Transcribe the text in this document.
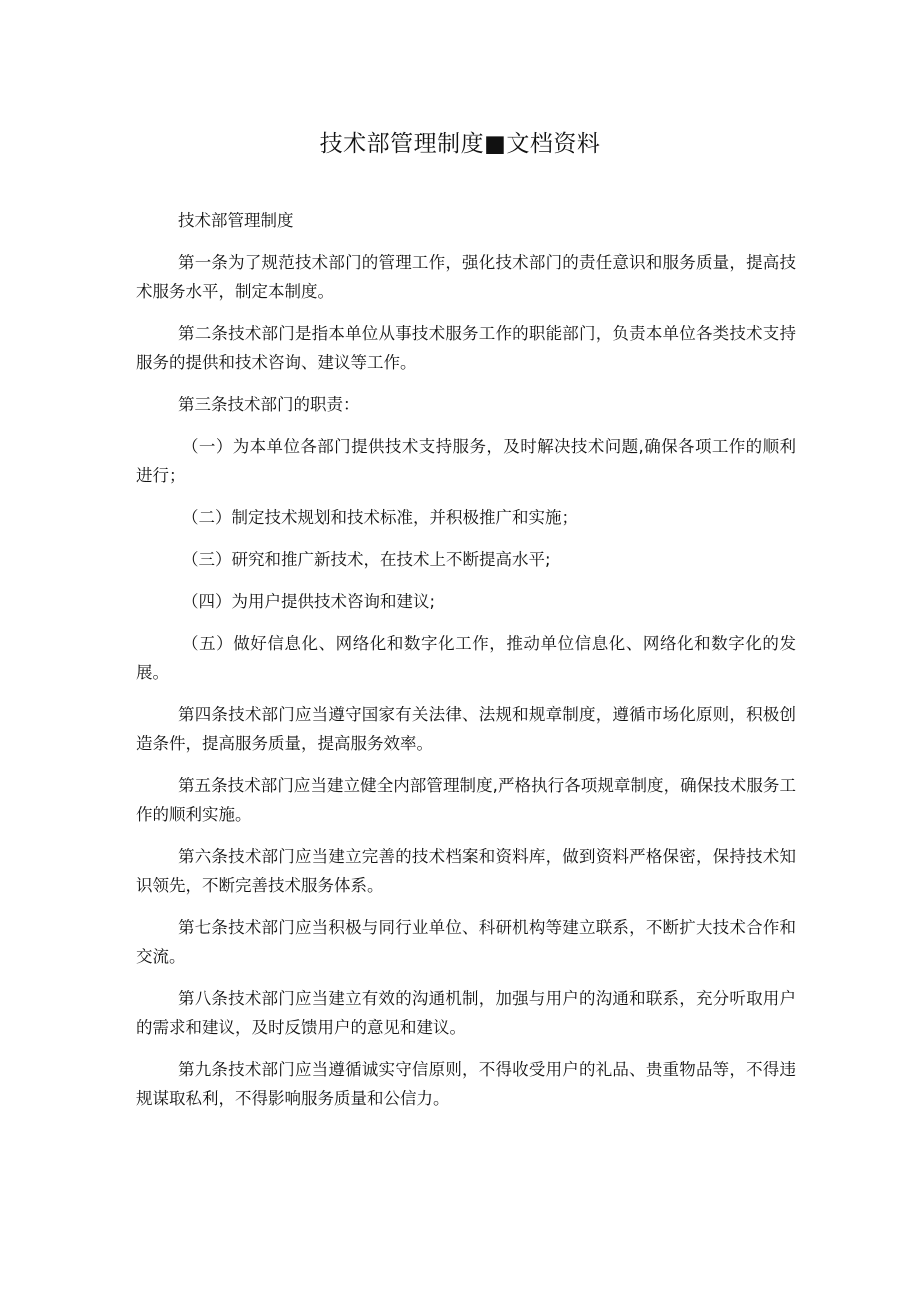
技术部管理制度■文档资料

技术部管理制度

第一条为了规范技术部门的管理工作，强化技术部门的责任意识和服务质量，提高技术服务水平，制定本制度。

第二条技术部门是指本单位从事技术服务工作的职能部门，负责本单位各类技术支持服务的提供和技术咨询、建议等工作。

第三条技术部门的职责：

（一）为本单位各部门提供技术支持服务，及时解决技术问题,确保各项工作的顺利进行；

（二）制定技术规划和技术标准，并积极推广和实施；

（三）研究和推广新技术，在技术上不断提高水平;

（四）为用户提供技术咨询和建议;

（五）做好信息化、网络化和数字化工作，推动单位信息化、网络化和数字化的发展。

第四条技术部门应当遵守国家有关法律、法规和规章制度，遵循市场化原则，积极创造条件，提高服务质量，提高服务效率。

第五条技术部门应当建立健全内部管理制度,严格执行各项规章制度，确保技术服务工作的顺利实施。

第六条技术部门应当建立完善的技术档案和资料库，做到资料严格保密，保持技术知识领先，不断完善技术服务体系。

第七条技术部门应当积极与同行业单位、科研机构等建立联系，不断扩大技术合作和交流。

第八条技术部门应当建立有效的沟通机制，加强与用户的沟通和联系，充分听取用户的需求和建议，及时反馈用户的意见和建议。

第九条技术部门应当遵循诚实守信原则，不得收受用户的礼品、贵重物品等，不得违规谋取私利，不得影响服务质量和公信力。
